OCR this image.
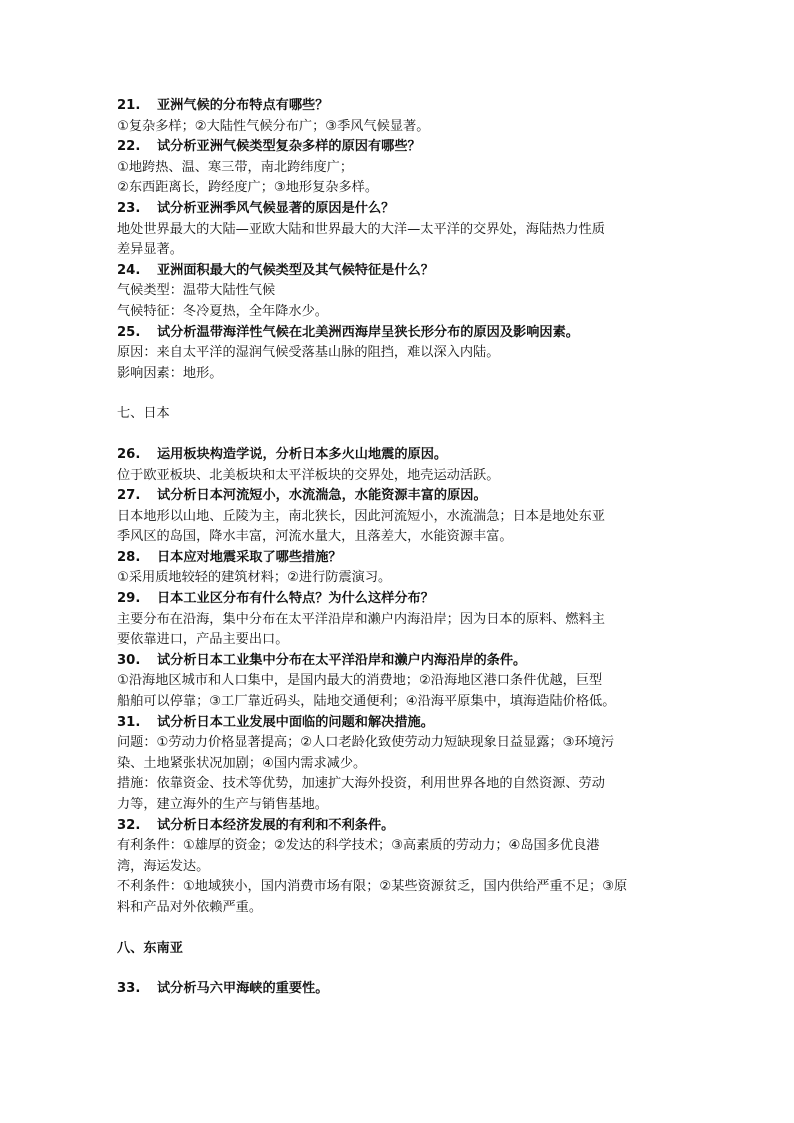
21. 亚洲气候的分布特点有哪些？
①复杂多样；②大陆性气候分布广；③季风气候显著。
22. 试分析亚洲气候类型复杂多样的原因有哪些？
①地跨热、温、寒三带，南北跨纬度广；
②东西距离长，跨经度广；③地形复杂多样。
23. 试分析亚洲季风气候显著的原因是什么？
地处世界最大的大陆—亚欧大陆和世界最大的大洋—太平洋的交界处，海陆热力性质
差异显著。
24. 亚洲面积最大的气候类型及其气候特征是什么？
气候类型：温带大陆性气候
气候特征：冬冷夏热，全年降水少。
25. 试分析温带海洋性气候在北美洲西海岸呈狭长形分布的原因及影响因素。
原因：来自太平洋的湿润气候受落基山脉的阻挡，难以深入内陆。
影响因素：地形。
七、日本
26. 运用板块构造学说，分析日本多火山地震的原因。
位于欧亚板块、北美板块和太平洋板块的交界处，地壳运动活跃。
27. 试分析日本河流短小，水流湍急，水能资源丰富的原因。
日本地形以山地、丘陵为主，南北狭长，因此河流短小，水流湍急；日本是地处东亚
季风区的岛国，降水丰富，河流水量大，且落差大，水能资源丰富。
28. 日本应对地震采取了哪些措施？
①采用质地较轻的建筑材料；②进行防震演习。
29. 日本工业区分布有什么特点？为什么这样分布？
主要分布在沿海，集中分布在太平洋沿岸和濑户内海沿岸；因为日本的原料、燃料主
要依靠进口，产品主要出口。
30. 试分析日本工业集中分布在太平洋沿岸和濑户内海沿岸的条件。
①沿海地区城市和人口集中，是国内最大的消费地；②沿海地区港口条件优越，巨型
船舶可以停靠；③工厂靠近码头，陆地交通便利；④沿海平原集中，填海造陆价格低。
31. 试分析日本工业发展中面临的问题和解决措施。
问题：①劳动力价格显著提高；②人口老龄化致使劳动力短缺现象日益显露；③环境污
染、土地紧张状况加剧；④国内需求减少。
措施：依靠资金、技术等优势，加速扩大海外投资，利用世界各地的自然资源、劳动
力等，建立海外的生产与销售基地。
32. 试分析日本经济发展的有利和不利条件。
有利条件：①雄厚的资金；②发达的科学技术；③高素质的劳动力；④岛国多优良港
湾，海运发达。
不利条件：①地域狭小，国内消费市场有限；②某些资源贫乏，国内供给严重不足；③原
料和产品对外依赖严重。
八、东南亚
33. 试分析马六甲海峡的重要性。
